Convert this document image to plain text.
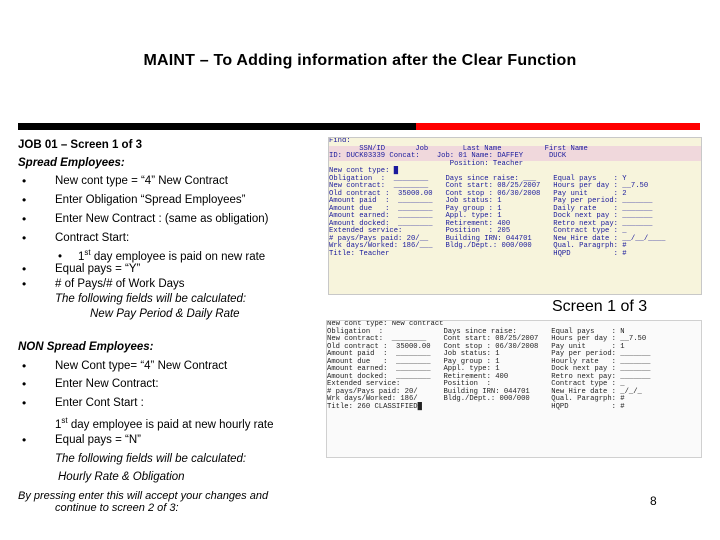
MAINT – To Adding information after the Clear Function
JOB 01 – Screen 1 of 3
Spread Employees:
•	New cont type = “4” New Contract
•	Enter Obligation “Spread Employees”
•	Enter New Contract : (same as obligation)
•	Contract Start:
•     1st day employee is paid on new rate
•	Equal pays = “Y”
•	# of Pays/# of Work Days
The following fields will be calculated:
New Pay Period & Daily Rate
Find:
SSN/ID       Job        Last Name          First Name
ID: DUCK03339 Concat:    Job: 01 Name: DAFFEY      DUCK
Position: Teacher
New cont type: █
Obligation  :  ________    Days since raise: ___    Equal pays    : Y
New contract:  ________    Cont start: 08/25/2007   Hours per day : __7.50
Old contract :  35000.00   Cont stop : 06/30/2008   Pay unit      : 2
Amount paid  :  ________   Job status: 1            Pay per period: _______
Amount due   :  ________   Pay group : 1            Daily rate    : _______
Amount earned:  ________   Appl. type: 1            Dock next pay : _______
Amount docked:  ________   Retirement: 400          Retro next pay: _______
Extended service:          Position  : 205          Contract type : _
# pays/Pays paid: 20/__    Building IRN: 044701     New Hire date : __/__/____
Wrk days/Worked: 186/___   Bldg./Dept.: 000/000     Qual. Paragrph: #
Title: Teacher                                      HQPD          : #
Screen 1 of 3
NON Spread Employees:
•	New Cont type= “4” New Contract
•	Enter New Contract:
•	Enter Cont Start :
1st day employee is paid at new hourly rate
•	Equal pays = “N”
The following fields will be calculated:
Hourly Rate & Obligation
New cont type: New contract
Obligation  :              Days since raise:        Equal pays    : N
New contract:  ________    Cont start: 08/25/2007   Hours per day : __7.50
Old contract :  35000.00   Cont stop : 06/30/2008   Pay unit      : 1
Amount paid  :  ________   Job status: 1            Pay per period: _______
Amount due   :  ________   Pay group : 1            Hourly rate   : _______
Amount earned:  ________   Appl. type: 1            Dock next pay : _______
Amount docked:  ________   Retirement: 400          Retro next pay: _______
Extended service:          Position  :              Contract type : _
# pays/Pays paid: 20/      Building IRN: 044701     New Hire date : _/_/_
Wrk days/Worked: 186/      Bldg./Dept.: 000/000     Qual. Paragrph: #
Title: 260 CLASSIFIED█                              HQPD          : #
By pressing enter this will accept your changes and
continue to screen 2 of 3:	8
